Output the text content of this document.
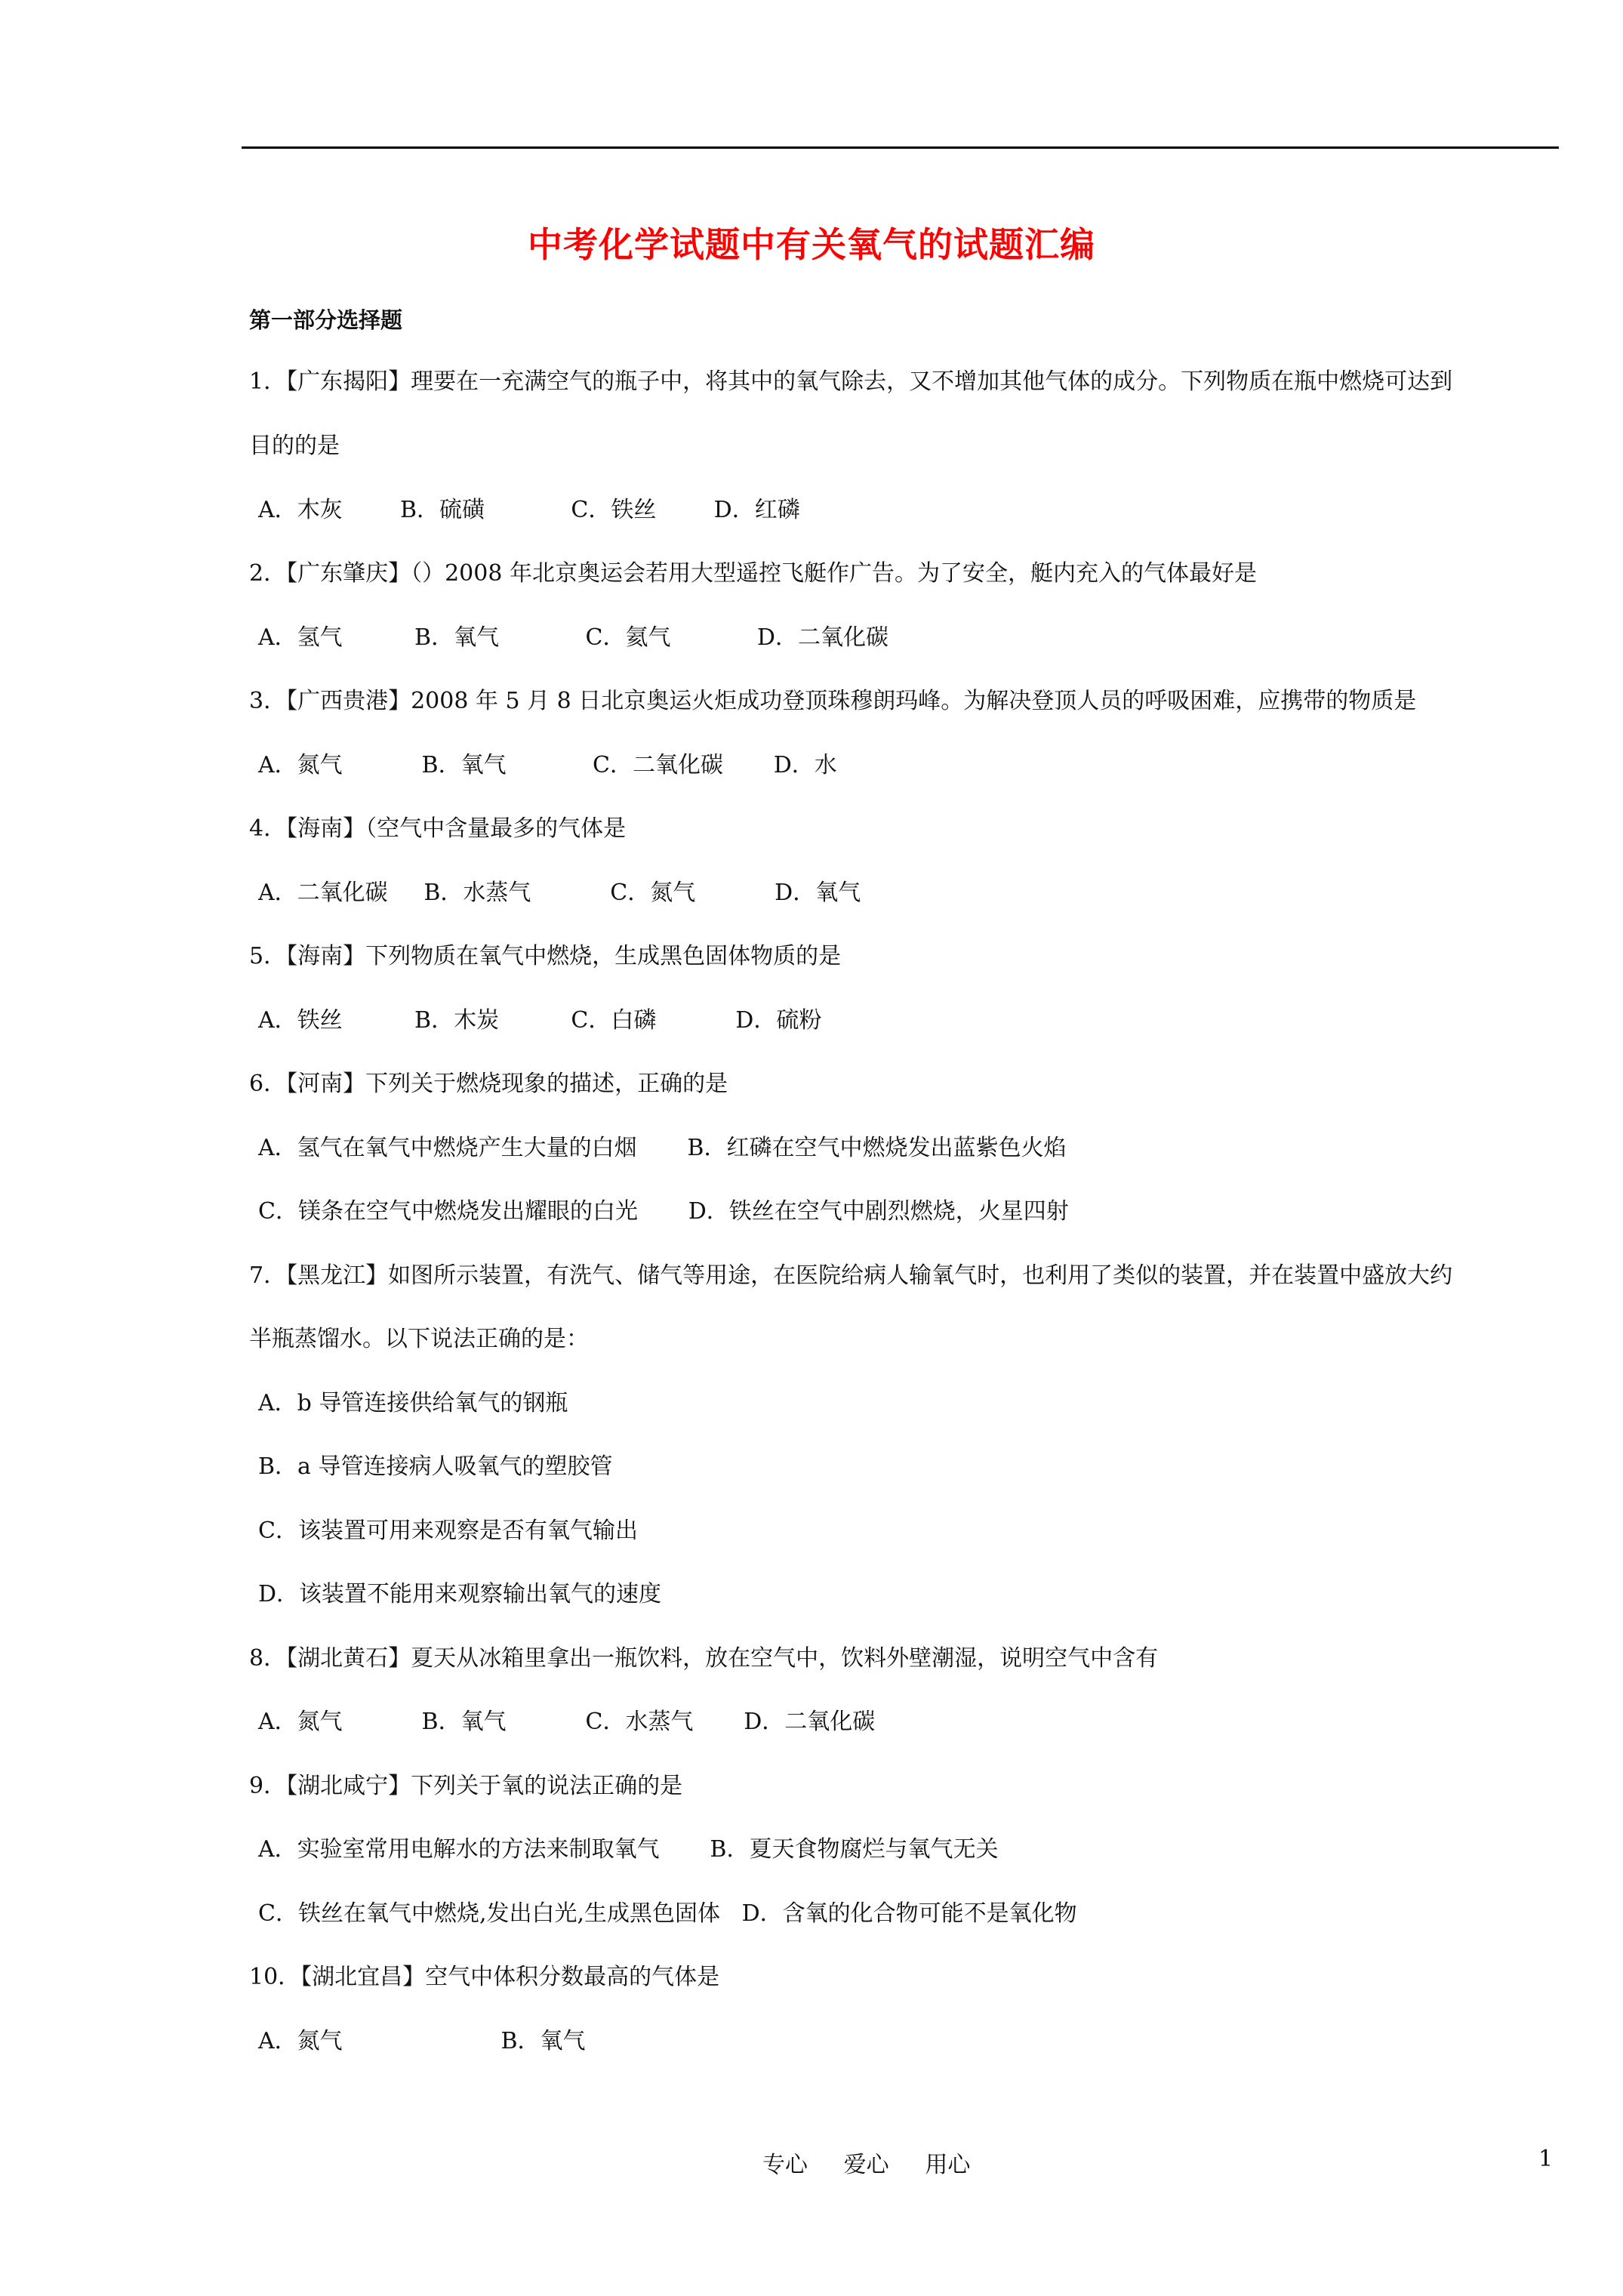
中考化学试题中有关氧气的试题汇编
第一部分选择题
1．【广东揭阳】理要在一充满空气的瓶子中，将其中的氧气除去，又不增加其他气体的成分。下列物质在瓶中燃烧可达到
目的的是
A．木灰        B．硫磺            C．铁丝        D．红磷
2．【广东肇庆】（）2008 年北京奥运会若用大型遥控飞艇作广告。为了安全，艇内充入的气体最好是
A．氢气          B．氧气            C．氦气            D．二氧化碳
3．【广西贵港】2008 年 5 月 8 日北京奥运火炬成功登顶珠穆朗玛峰。为解决登顶人员的呼吸困难，应携带的物质是
A．氮气           B．氧气            C．二氧化碳       D．水
4．【海南】（空气中含量最多的气体是
A．二氧化碳     B．水蒸气           C．氮气           D．氧气
5．【海南】下列物质在氧气中燃烧，生成黑色固体物质的是
A．铁丝          B．木炭          C．白磷           D．硫粉
6．【河南】下列关于燃烧现象的描述，正确的是
A．氢气在氧气中燃烧产生大量的白烟       B．红磷在空气中燃烧发出蓝紫色火焰
C．镁条在空气中燃烧发出耀眼的白光       D．铁丝在空气中剧烈燃烧，火星四射
7．【黑龙江】如图所示装置，有洗气、储气等用途，在医院给病人输氧气时，也利用了类似的装置，并在装置中盛放大约
半瓶蒸馏水。以下说法正确的是：
A．b 导管连接供给氧气的钢瓶
B．a 导管连接病人吸氧气的塑胶管
C．该装置可用来观察是否有氧气输出
D．该装置不能用来观察输出氧气的速度
8．【湖北黄石】夏天从冰箱里拿出一瓶饮料，放在空气中，饮料外壁潮湿，说明空气中含有
A．氮气           B．氧气           C．水蒸气       D．二氧化碳
9．【湖北咸宁】下列关于氧的说法正确的是
A．实验室常用电解水的方法来制取氧气       B．夏天食物腐烂与氧气无关
C．铁丝在氧气中燃烧,发出白光,生成黑色固体   D．含氧的化合物可能不是氧化物
10．【湖北宜昌】空气中体积分数最高的气体是
A．氮气                      B．氧气
专心     爱心     用心	1
